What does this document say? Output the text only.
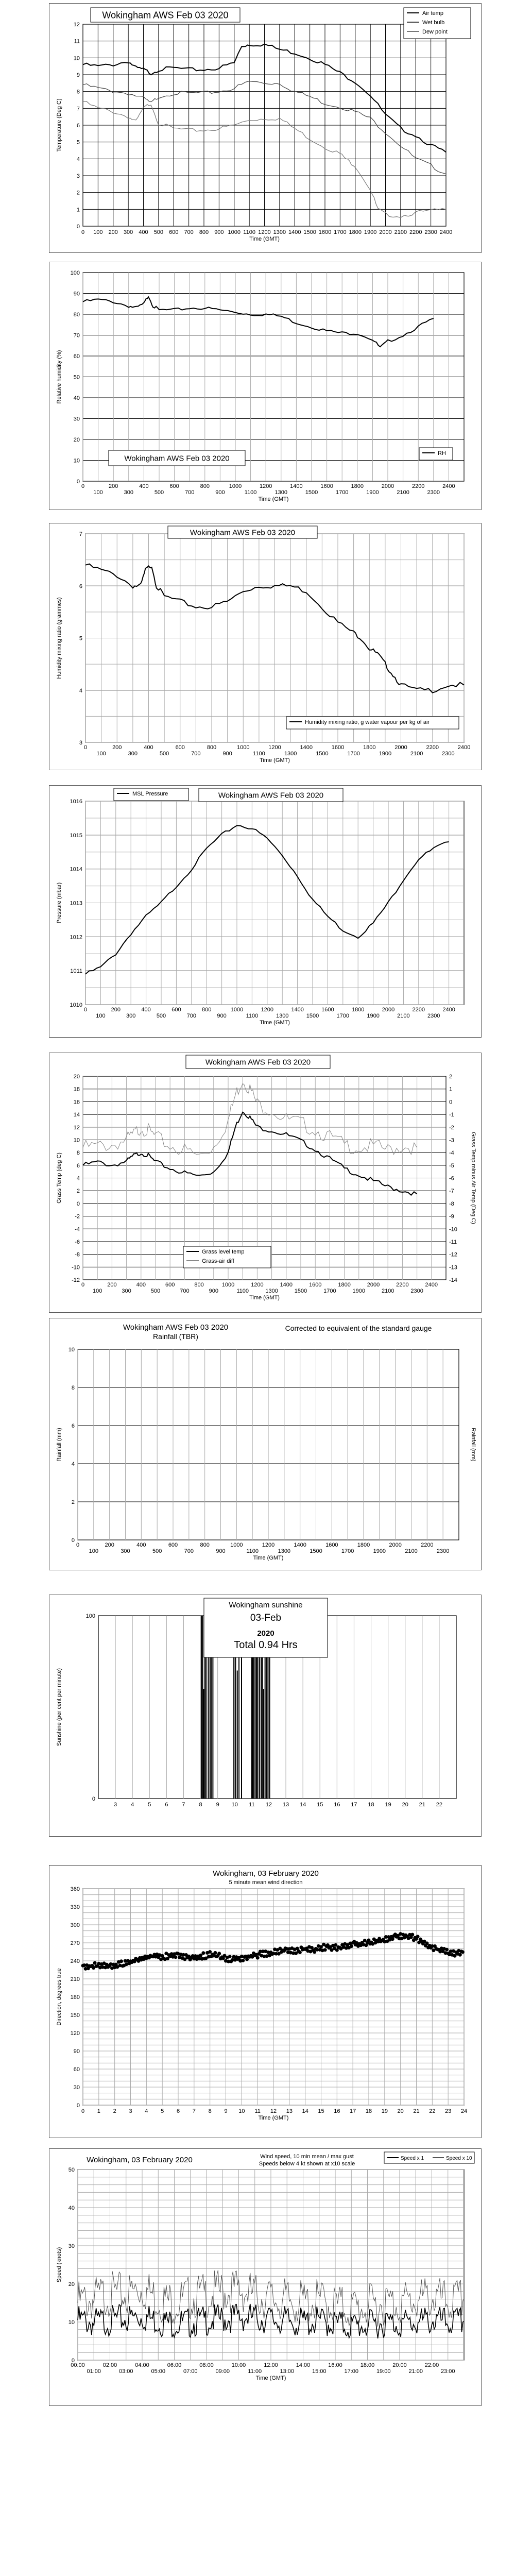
0
1
2
3
4
5
6
7
8
9
10
11
12
0 100 200 300 400 500 600 700 800 900 1000 1100 1200 1300 1400 1500 1600 1700 1800 1900 2000 2100 2200 2300 2400
Time (GMT)
Temperature (Deg C)
Wokingham AWS Feb 03 2020	Air temp
Wet bulb
Dew point
0
10
20
30
40
50
60
70
80
90
100
0	200	400	600	800	1000	1200	1400	1600	1800	2000	2200	2400
100	300	500	700	900	1100	1300	1500	1700	1900	2100	2300
Time (GMT)
Relative humidity (%)
Wokingham AWS Feb 03 2020
RH
3
4
5
6
7
0	200	400	600	800	1000	1200	1400	1600	1800	2000	2200	2400
100	300	500	700	900	1100	1300	1500	1700	1900	2100	2300
Time (GMT)
Humidity mixing ratio (grammes)
Wokingham AWS Feb 03 2020
Humidity mixing ratio, g water vapour per kg of air
1010
1011
1012
1013
1014
1015
1016
0	200	400	600	800	1000	1200	1400	1600	1800	2000	2200	2400
100	300	500	700	900	1100	1300	1500	1700	1900	2100	2300
Time (GMT)
Pressure (mbar)
MSL Pressure	Wokingham AWS Feb 03 2020
-12
-10
-8
-6
-4
-2
0
2
4
6
8
10
12
14
16
18
20
0	200	400	600	800	1000	1200	1400	1600	1800	2000	2200	2400
100	300	500	700	900	1100	1300	1500	1700	1900	2100	2300
Time (GMT)
Grass Temp (deg C)
-14
-13
-12
-11
-10
-9
-8
-7
-6
-5
-4
-3
-2
-1
0
1
2
Grass Temp minus Air Temp (Deg C)
Wokingham AWS Feb 03 2020
Grass level temp
Grass-air diff
0
2
4
6
8
10
0	200	400	600	800	1000	1200	1400	1600	1800	2000	2200
100	300	500	700	900	1100	1300	1500	1700	1900	2100	2300
Time (GMT)
Rainfall (mm)	Rainfall (mm)
Wokingham AWS Feb 03 2020
Rainfall (TBR)
Corrected to equivalent of the standard gauge
0
100
3 4 5 6 7 8 9 10 11 12 13 14 15 16 17 18 19 20 21 22
Sunshine (per cent per minute)
Wokingham sunshine
03-Feb
2020
Total 0.94 Hrs
0
30
60
90
120
150
180
210
240
270
300
330
360
0 1 2 3 4 5 6 7 8 9 10 11 12 13 14 15 16 17 18 19 20 21 22 23 24
Time (GMT)
Direction, degrees true
Wokingham, 03 February 2020
5 minute mean wind direction
0
10
20
30
40
50
00:00	02:00	04:00	06:00	08:00	10:00	12:00	14:00	16:00	18:00	20:00	22:00
01:00	03:00	05:00	07:00	09:00	11:00	13:00	15:00	17:00	19:00	21:00	23:00
Time (GMT)
Speed (knots)
Wokingham, 03 February 2020	Wind speed, 10 min mean / max gust
Speeds below 4 kt shown at x10 scale
Speed x 1	Speed x 10
